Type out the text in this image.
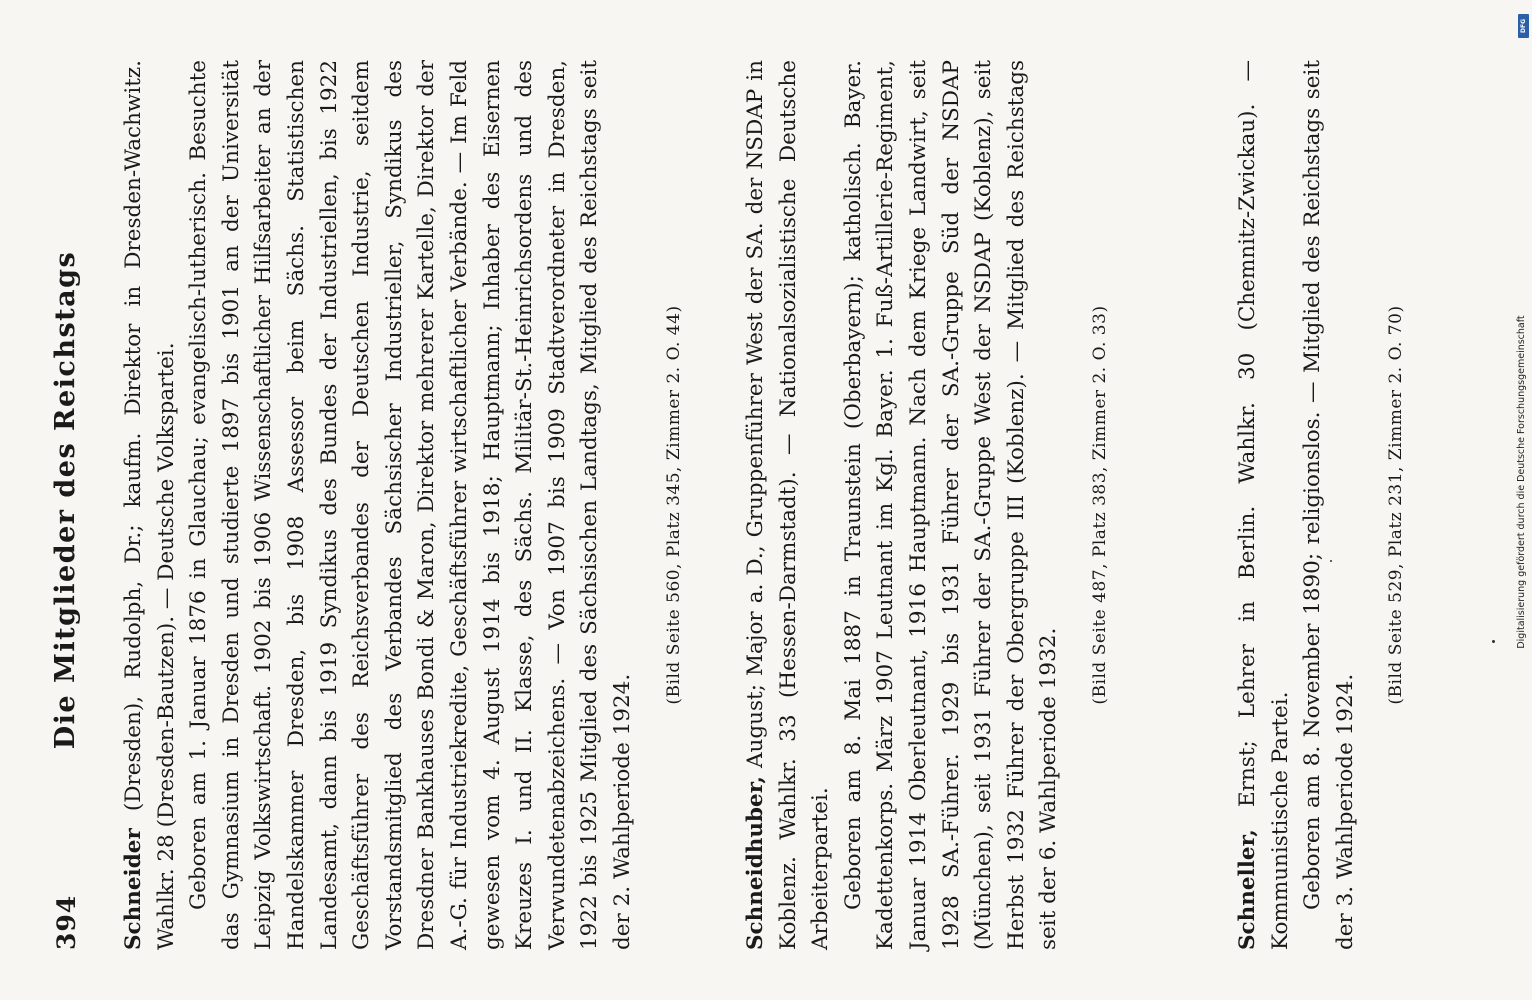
394
Die Mitglieder des Reichstags

Schneider (Dresden), Rudolph, Dr.; kaufm. Direktor in Dresden-Wachwitz. Wahlkr. 28 (Dresden-Bautzen). — Deutsche Volkspartei. Geboren am 1. Januar 1876 in Glauchau; evangelisch-lutherisch. Besuchte das Gymnasium in Dresden und studierte 1897 bis 1901 an der Universität Leipzig Volkswirtschaft. 1902 bis 1906 Wissenschaftlicher Hilfsarbeiter an der Handelskammer Dresden, bis 1908 Assessor beim Sächs. Statistischen Landesamt, dann bis 1919 Syndikus des Bundes der Industriellen, bis 1922 Geschäftsführer des Reichsverbandes der Deutschen Industrie, seitdem Vorstandsmitglied des Verbandes Sächsischer Industrieller, Syndikus des Dresdner Bankhauses Bondi & Maron, Direktor mehrerer Kartelle, Direktor der A.-G. für Industriekredite, Geschäftsführer wirtschaftlicher Verbände. — Im Feld gewesen vom 4. August 1914 bis 1918; Hauptmann; Inhaber des Eisernen Kreuzes I. und II. Klasse, des Sächs. Militär-St.-Heinrichsordens und des Verwundetenabzeichens. — Von 1907 bis 1909 Stadtverordneter in Dresden, 1922 bis 1925 Mitglied des Sächsischen Landtags, Mitglied des Reichstags seit der 2. Wahlperiode 1924.

(Bild Seite 560, Platz 345, Zimmer 2. O. 44)

Schneidhuber, August; Major a. D., Gruppenführer West der SA. der NSDAP in Koblenz. Wahlkr. 33 (Hessen-Darmstadt). — Nationalsozialistische Deutsche Arbeiterpartei. Geboren am 8. Mai 1887 in Traunstein (Oberbayern); katholisch. Bayer. Kadettenkorps. März 1907 Leutnant im Kgl. Bayer. 1. Fuß-Artillerie-Regiment, Januar 1914 Oberleutnant, 1916 Hauptmann. Nach dem Kriege Landwirt, seit 1928 SA.-Führer. 1929 bis 1931 Führer der SA.-Gruppe Süd der NSDAP (München), seit 1931 Führer der SA.-Gruppe West der NSDAP (Koblenz), seit Herbst 1932 Führer der Obergruppe III (Koblenz). — Mitglied des Reichstags seit der 6. Wahlperiode 1932.

(Bild Seite 487, Platz 383, Zimmer 2. O. 33)

Schneller, Ernst; Lehrer in Berlin. Wahlkr. 30 (Chemnitz-Zwickau). — Kommunistische Partei. Geboren am 8. November 1890; religionslos. — Mitglied des Reichstags seit der 3. Wahlperiode 1924.

(Bild Seite 529, Platz 231, Zimmer 2. O. 70)
DFG
Digitalisierung gefördert durch die Deutsche Forschungsgemeinschaft
